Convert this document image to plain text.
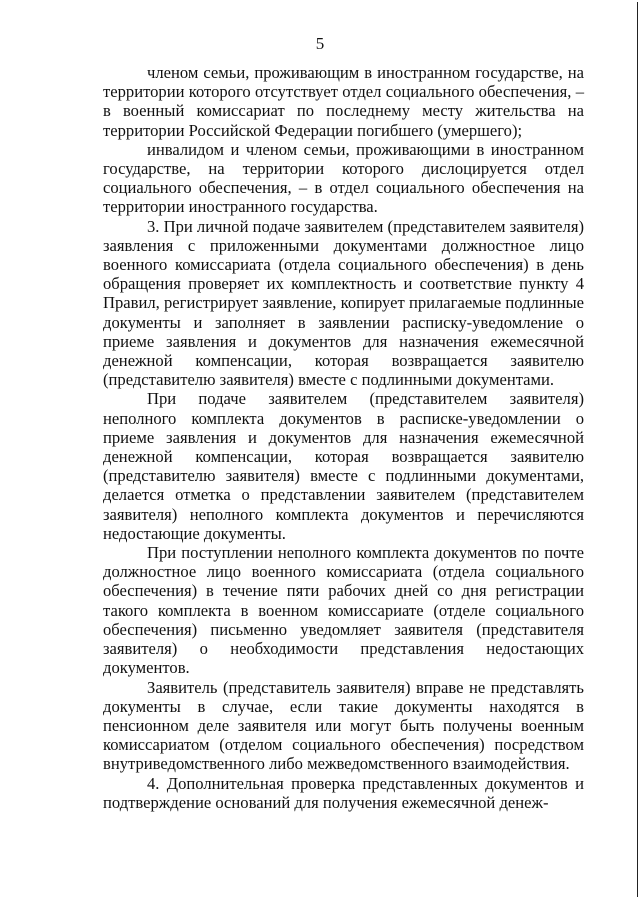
5

членом семьи, проживающим в иностранном государстве, на территории которого отсутствует отдел социального обеспечения, – в военный комиссариат по последнему месту жительства на территории Российской Федерации погибшего (умершего);

инвалидом и членом семьи, проживающими в иностранном государстве, на территории которого дислоцируется отдел социального обеспечения, – в отдел социального обеспечения на территории иностранного государства.

3. При личной подаче заявителем (представителем заявителя) заявления с приложенными документами должностное лицо военного комиссариата (отдела социального обеспечения) в день обращения проверяет их комплектность и соответствие пункту 4 Правил, регистрирует заявление, копирует прилагаемые подлинные документы и заполняет в заявлении расписку-уведомление о приеме заявления и документов для назначения ежемесячной денежной компенсации, которая возвращается заявителю (представителю заявителя) вместе с подлинными документами.

При подаче заявителем (представителем заявителя) неполного комплекта документов в расписке-уведомлении о приеме заявления и документов для назначения ежемесячной денежной компенсации, которая возвращается заявителю (представителю заявителя) вместе с подлинными документами, делается отметка о представлении заявителем (представителем заявителя) неполного комплекта документов и перечисляются недостающие документы.

При поступлении неполного комплекта документов по почте должностное лицо военного комиссариата (отдела социального обеспечения) в течение пяти рабочих дней со дня регистрации такого комплекта в военном комиссариате (отделе социального обеспечения) письменно уведомляет заявителя (представителя заявителя) о необходимости представления недостающих документов.

Заявитель (представитель заявителя) вправе не представлять документы в случае, если такие документы находятся в пенсионном деле заявителя или могут быть получены военным комиссариатом (отделом социального обеспечения) посредством внутриведомственного либо межведомственного взаимодействия.

4. Дополнительная проверка представленных документов и подтверждение оснований для получения ежемесячной денеж-
